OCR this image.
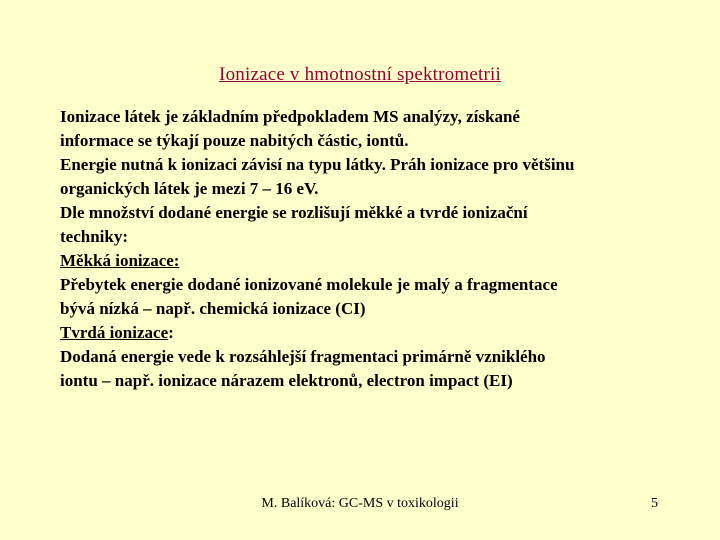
Ionizace v hmotnostní spektrometrii
Ionizace látek je základním předpokladem MS analýzy, získané
informace se týkají pouze nabitých částic, iontů.
Energie nutná k ionizaci závisí na typu látky. Práh ionizace pro většinu
organických látek je mezi 7 – 16 eV.
Dle množství dodané energie se rozlišují měkké a tvrdé ionizační
techniky:
Měkká ionizace:
Přebytek energie dodané ionizované molekule je malý a fragmentace
bývá nízká – např. chemická ionizace (CI)
Tvrdá ionizace:
Dodaná energie vede k rozsáhlejší fragmentaci primárně vzniklého
iontu – např. ionizace nárazem elektronů, electron impact (EI)
M. Balíková: GC-MS v toxikologii	5
